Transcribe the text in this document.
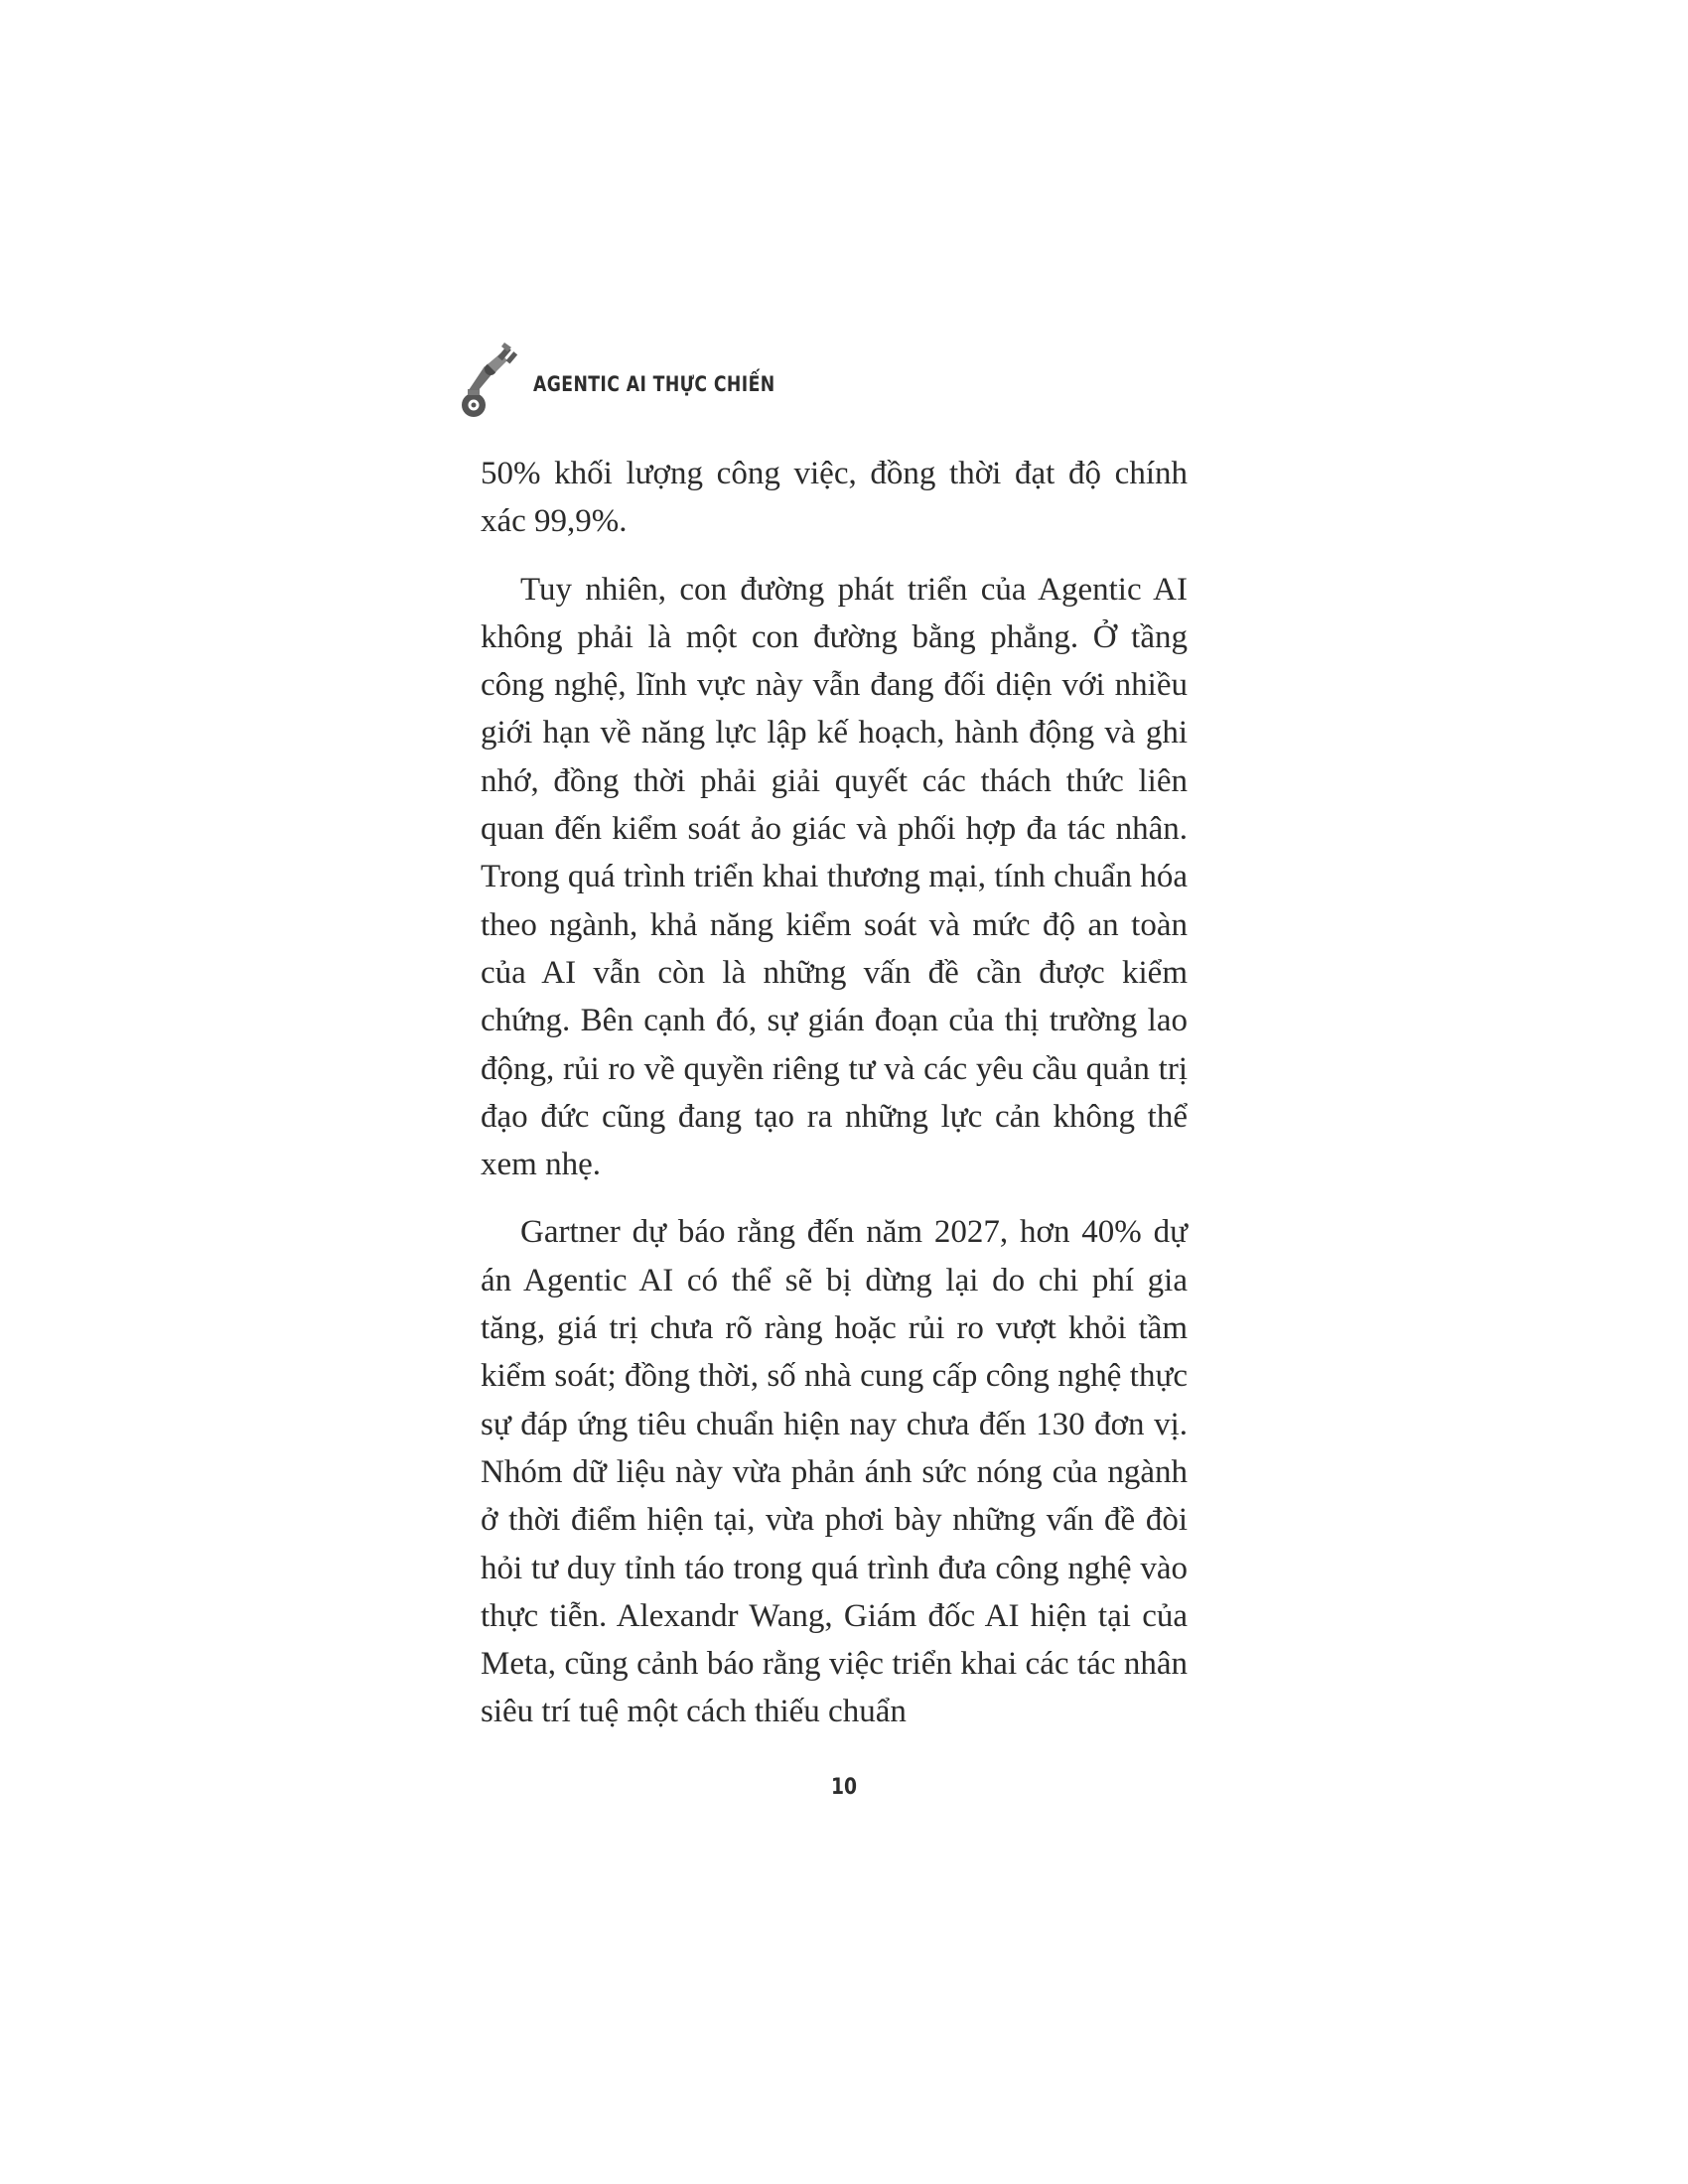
AGENTIC AI THỰC CHIẾN

50% khối lượng công việc, đồng thời đạt độ chính xác 99,9%.

Tuy nhiên, con đường phát triển của Agentic AI không phải là một con đường bằng phẳng. Ở tầng công nghệ, lĩnh vực này vẫn đang đối diện với nhiều giới hạn về năng lực lập kế hoạch, hành động và ghi nhớ, đồng thời phải giải quyết các thách thức liên quan đến kiểm soát ảo giác và phối hợp đa tác nhân. Trong quá trình triển khai thương mại, tính chuẩn hóa theo ngành, khả năng kiểm soát và mức độ an toàn của AI vẫn còn là những vấn đề cần được kiểm chứng. Bên cạnh đó, sự gián đoạn của thị trường lao động, rủi ro về quyền riêng tư và các yêu cầu quản trị đạo đức cũng đang tạo ra những lực cản không thể xem nhẹ.

Gartner dự báo rằng đến năm 2027, hơn 40% dự án Agentic AI có thể sẽ bị dừng lại do chi phí gia tăng, giá trị chưa rõ ràng hoặc rủi ro vượt khỏi tầm kiểm soát; đồng thời, số nhà cung cấp công nghệ thực sự đáp ứng tiêu chuẩn hiện nay chưa đến 130 đơn vị. Nhóm dữ liệu này vừa phản ánh sức nóng của ngành ở thời điểm hiện tại, vừa phơi bày những vấn đề đòi hỏi tư duy tỉnh táo trong quá trình đưa công nghệ vào thực tiễn. Alexandr Wang, Giám đốc AI hiện tại của Meta, cũng cảnh báo rằng việc triển khai các tác nhân siêu trí tuệ một cách thiếu chuẩn

10
